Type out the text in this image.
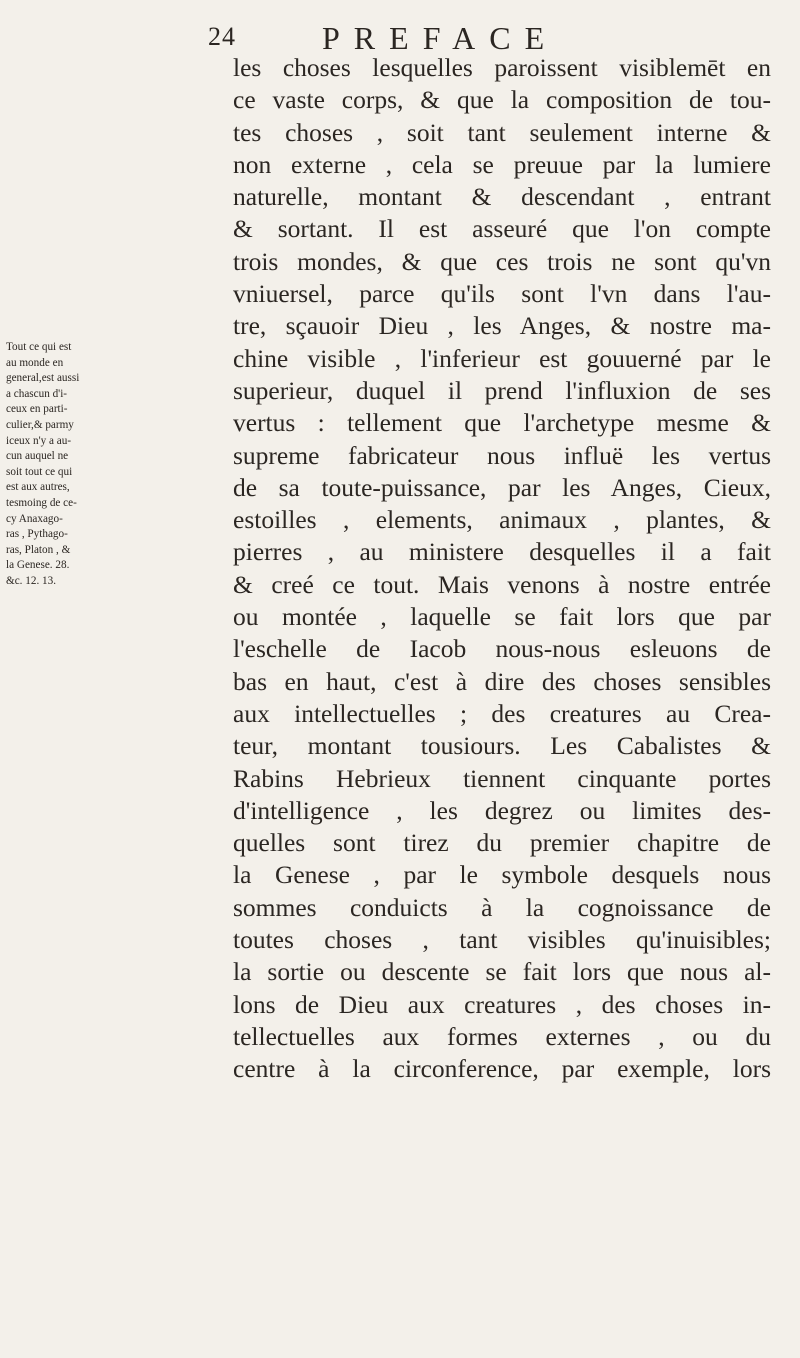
24	PREFACE
Tout ce qui est
au monde en
general,est aussi
a chascun d'i-
ceux en parti-
culier,& parmy
iceux n'y a au-
cun auquel ne
soit tout ce qui
est aux autres,
tesmoing de ce-
cy Anaxago-
ras , Pythago-
ras, Platon , &
la Genese. 28.
&c. 12. 13.
les choses lesquelles paroissent visiblemēt en
ce vaste corps, & que la composition de tou-
tes choses , soit tant seulement interne &
non externe , cela se preuue par la lumiere
naturelle, montant & descendant , entrant
& sortant. Il est asseuré que l'on compte
trois mondes, & que ces trois ne sont qu'vn
vniuersel, parce qu'ils sont l'vn dans l'au-
tre, sçauoir Dieu , les Anges, & nostre ma-
chine visible , l'inferieur est gouuerné par le
superieur, duquel il prend l'influxion de ses
vertus : tellement que l'archetype mesme &
supreme fabricateur nous influë les vertus
de sa toute-puissance, par les Anges, Cieux,
estoilles , elements, animaux , plantes, &
pierres , au ministere desquelles il a fait
& creé ce tout. Mais venons à nostre entrée
ou montée , laquelle se fait lors que par
l'eschelle de Iacob nous-nous esleuons de
bas en haut, c'est à dire des choses sensibles
aux intellectuelles ; des creatures au Crea-
teur, montant tousiours. Les Cabalistes &
Rabins Hebrieux tiennent cinquante portes
d'intelligence , les degrez ou limites des-
quelles sont tirez du premier chapitre de
la Genese , par le symbole desquels nous
sommes conduicts à la cognoissance de
toutes choses , tant visibles qu'inuisibles;
la sortie ou descente se fait lors que nous al-
lons de Dieu aux creatures , des choses in-
tellectuelles aux formes externes , ou du
centre à la circonference, par exemple, lors
